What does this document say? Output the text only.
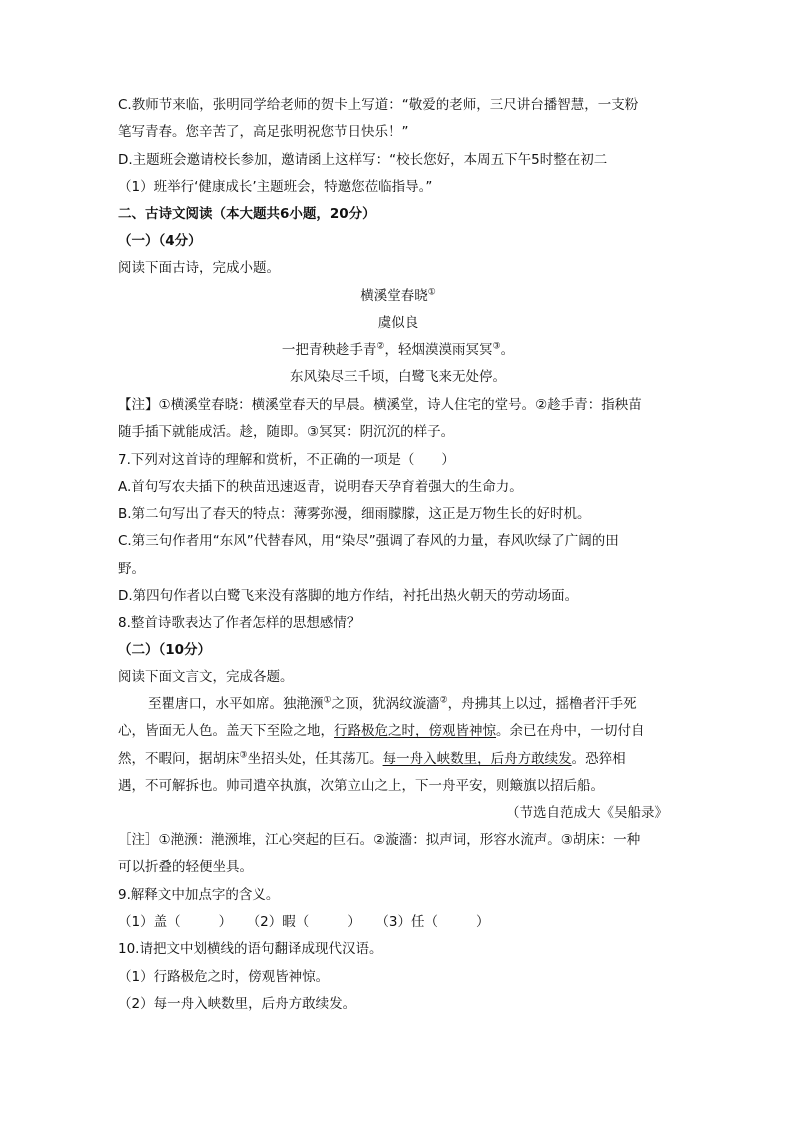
C.教师节来临，张明同学给老师的贺卡上写道：“敬爱的老师，三尺讲台播智慧，一支粉
笔写青春。您辛苦了，高足张明祝您节日快乐！”
D.主题班会邀请校长参加，邀请函上这样写：“校长您好，本周五下午5时整在初二
（1）班举行‘健康成长’主题班会，特邀您莅临指导。”
二、古诗文阅读（本大题共6小题，20分）
（一）（4分）
阅读下面古诗，完成小题。
横溪堂春晓①
虞似良
一把青秧趁手青②，轻烟漠漠雨冥冥③。
东风染尽三千顷，白鹭飞来无处停。
【注】①横溪堂春晓：横溪堂春天的早晨。横溪堂，诗人住宅的堂号。②趁手青：指秧苗
随手插下就能成活。趁，随即。③冥冥：阴沉沉的样子。
7.下列对这首诗的理解和赏析，不正确的一项是（　　）
A.首句写农夫插下的秧苗迅速返青，说明春天孕育着强大的生命力。
B.第二句写出了春天的特点：薄雾弥漫，细雨朦朦，这正是万物生长的好时机。
C.第三句作者用“东风”代替春风，用“染尽”强调了春风的力量，春风吹绿了广阔的田
野。
D.第四句作者以白鹭飞来没有落脚的地方作结，衬托出热火朝天的劳动场面。
8.整首诗歌表达了作者怎样的思想感情？
（二）（10分）
阅读下面文言文，完成各题。
至瞿唐口，水平如席。独滟滪①之顶，犹涡纹漩濇②，舟拂其上以过，摇橹者汗手死
心，皆面无人色。盖天下至险之地，行路极危之时，傍观皆神惊。余已在舟中，一切付自
然，不暇问，据胡床③坐招头处，任其荡兀。每一舟入峡数里，后舟方敢续发。恐猝相
遇，不可解拆也。帅司遣卒执旗，次第立山之上，下一舟平安，则簸旗以招后船。
（节选自范成大《吴船录》
［注］①滟滪：滟滪堆，江心突起的巨石。②漩濇：拟声词，形容水流声。③胡床：一种
可以折叠的轻便坐具。
9.解释文中加点字的含义。
（1）盖（	） （2）暇（	） （3）任（	）
10.请把文中划横线的语句翻译成现代汉语。
（1）行路极危之时，傍观皆神惊。
（2）每一舟入峡数里，后舟方敢续发。
